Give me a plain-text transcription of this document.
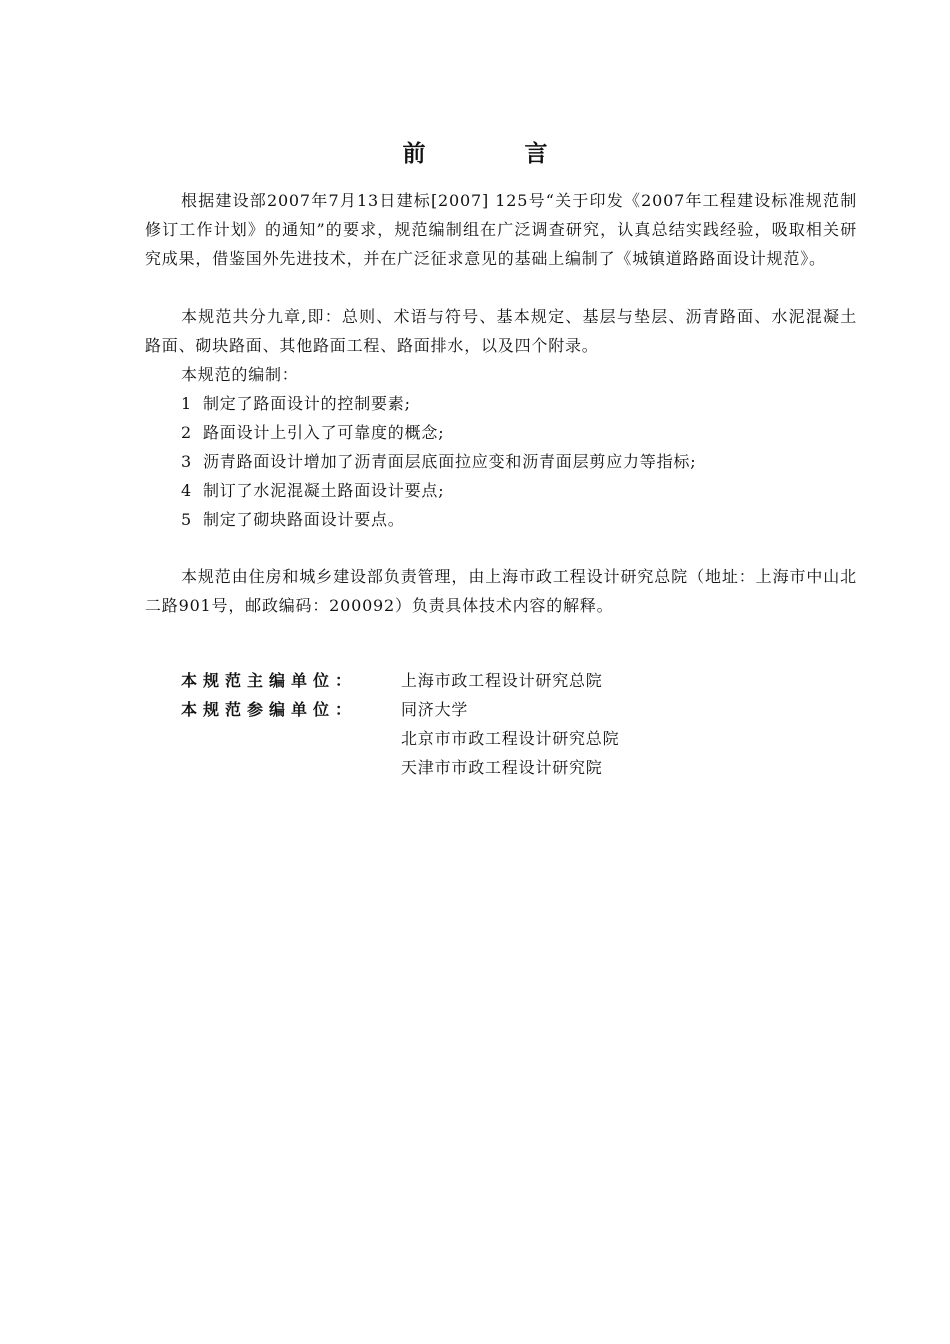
前　言

根据建设部2007年7月13日建标[2007] 125号“关于印发《2007年工程建设标准规范制修订工作计划》的通知”的要求，规范编制组在广泛调查研究，认真总结实践经验，吸取相关研究成果，借鉴国外先进技术，并在广泛征求意见的基础上编制了《城镇道路路面设计规范》。

本规范共分九章,即：总则、术语与符号、基本规定、基层与垫层、沥青路面、水泥混凝土路面、砌块路面、其他路面工程、路面排水，以及四个附录。

本规范的编制：

1 制定了路面设计的控制要素;

2 路面设计上引入了可靠度的概念;

3 沥青路面设计增加了沥青面层底面拉应变和沥青面层剪应力等指标;

4 制订了水泥混凝土路面设计要点;

5 制定了砌块路面设计要点。

本规范由住房和城乡建设部负责管理，由上海市政工程设计研究总院（地址：上海市中山北二路901号，邮政编码：200092）负责具体技术内容的解释。

本规范主编单位：	上海市政工程设计研究总院
本规范参编单位：	同济大学
北京市市政工程设计研究总院
天津市市政工程设计研究院
